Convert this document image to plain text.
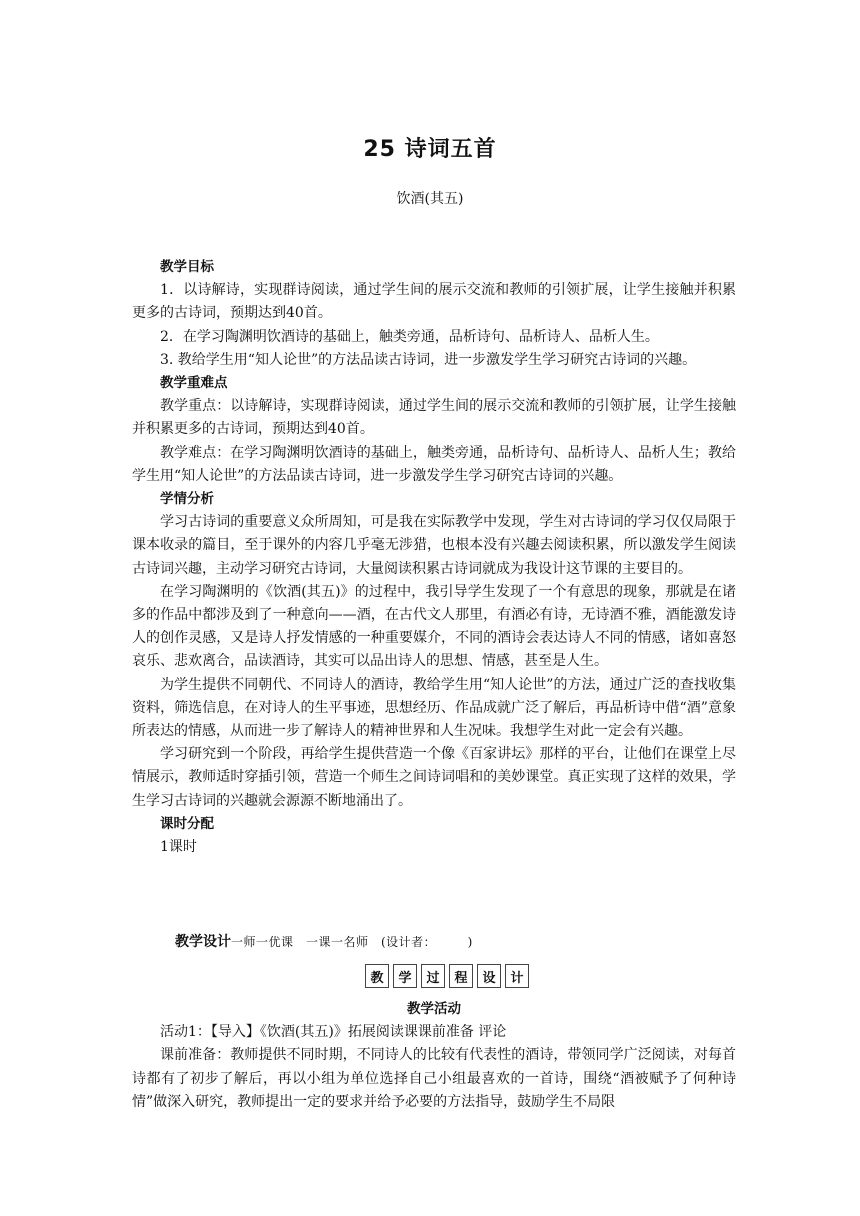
25 诗词五首
饮酒(其五)

教学目标

1．以诗解诗，实现群诗阅读，通过学生间的展示交流和教师的引领扩展，让学生接触并积累更多的古诗词，预期达到40首。

2．在学习陶渊明饮酒诗的基础上，触类旁通，品析诗句、品析诗人、品析人生。

3. 教给学生用“知人论世”的方法品读古诗词，进一步激发学生学习研究古诗词的兴趣。

教学重难点

教学重点：以诗解诗，实现群诗阅读，通过学生间的展示交流和教师的引领扩展，让学生接触并积累更多的古诗词，预期达到40首。

教学难点：在学习陶渊明饮酒诗的基础上，触类旁通，品析诗句、品析诗人、品析人生；教给学生用“知人论世”的方法品读古诗词，进一步激发学生学习研究古诗词的兴趣。

学情分析

学习古诗词的重要意义众所周知，可是我在实际教学中发现，学生对古诗词的学习仅仅局限于课本收录的篇目，至于课外的内容几乎毫无涉猎，也根本没有兴趣去阅读积累，所以激发学生阅读古诗词兴趣，主动学习研究古诗词，大量阅读积累古诗词就成为我设计这节课的主要目的。

在学习陶渊明的《饮酒(其五)》的过程中，我引导学生发现了一个有意思的现象，那就是在诸多的作品中都涉及到了一种意向——酒，在古代文人那里，有酒必有诗，无诗酒不雅，酒能激发诗人的创作灵感，又是诗人抒发情感的一种重要媒介，不同的酒诗会表达诗人不同的情感，诸如喜怒哀乐、悲欢离合，品读酒诗，其实可以品出诗人的思想、情感，甚至是人生。

为学生提供不同朝代、不同诗人的酒诗，教给学生用“知人论世”的方法，通过广泛的查找收集资料，筛选信息，在对诗人的生平事迹，思想经历、作品成就广泛了解后，再品析诗中借“酒”意象所表达的情感，从而进一步了解诗人的精神世界和人生况味。我想学生对此一定会有兴趣。

学习研究到一个阶段，再给学生提供营造一个像《百家讲坛》那样的平台，让他们在课堂上尽情展示，教师适时穿插引领，营造一个师生之间诗词唱和的美妙课堂。真正实现了这样的效果，学生学习古诗词的兴趣就会源源不断地涌出了。

课时分配

1课时

教学设计一师一优课　一课一名师　(设计者：　　　)
教	学	过	程	设	计

教学活动

活动1：【导入】《饮酒(其五)》拓展阅读课课前准备 评论

课前准备：教师提供不同时期，不同诗人的比较有代表性的酒诗，带领同学广泛阅读，对每首诗都有了初步了解后，再以小组为单位选择自己小组最喜欢的一首诗，围绕“酒被赋予了何种诗情”做深入研究，教师提出一定的要求并给予必要的方法指导，鼓励学生不局限
